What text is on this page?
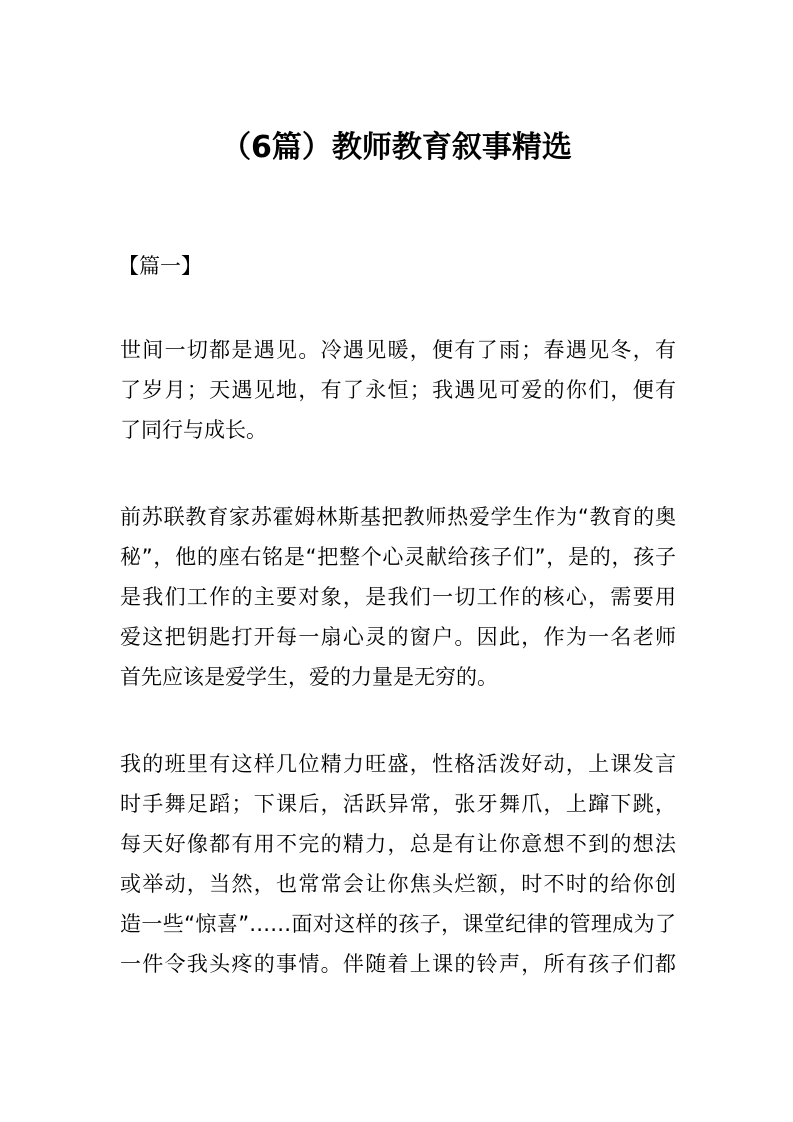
（6篇）教师教育叙事精选
【篇一】
世间一切都是遇见。冷遇见暖，便有了雨；春遇见冬，有
了岁月；天遇见地，有了永恒；我遇见可爱的你们，便有
了同行与成长。
前苏联教育家苏霍姆林斯基把教师热爱学生作为“教育的奥
秘”，他的座右铭是“把整个心灵献给孩子们”，是的，孩子
是我们工作的主要对象，是我们一切工作的核心，需要用
爱这把钥匙打开每一扇心灵的窗户。因此，作为一名老师
首先应该是爱学生，爱的力量是无穷的。
我的班里有这样几位精力旺盛，性格活泼好动，上课发言
时手舞足蹈；下课后，活跃异常，张牙舞爪，上蹿下跳，
每天好像都有用不完的精力，总是有让你意想不到的想法
或举动，当然，也常常会让你焦头烂额，时不时的给你创
造一些“惊喜”……面对这样的孩子，课堂纪律的管理成为了
一件令我头疼的事情。伴随着上课的铃声，所有孩子们都
